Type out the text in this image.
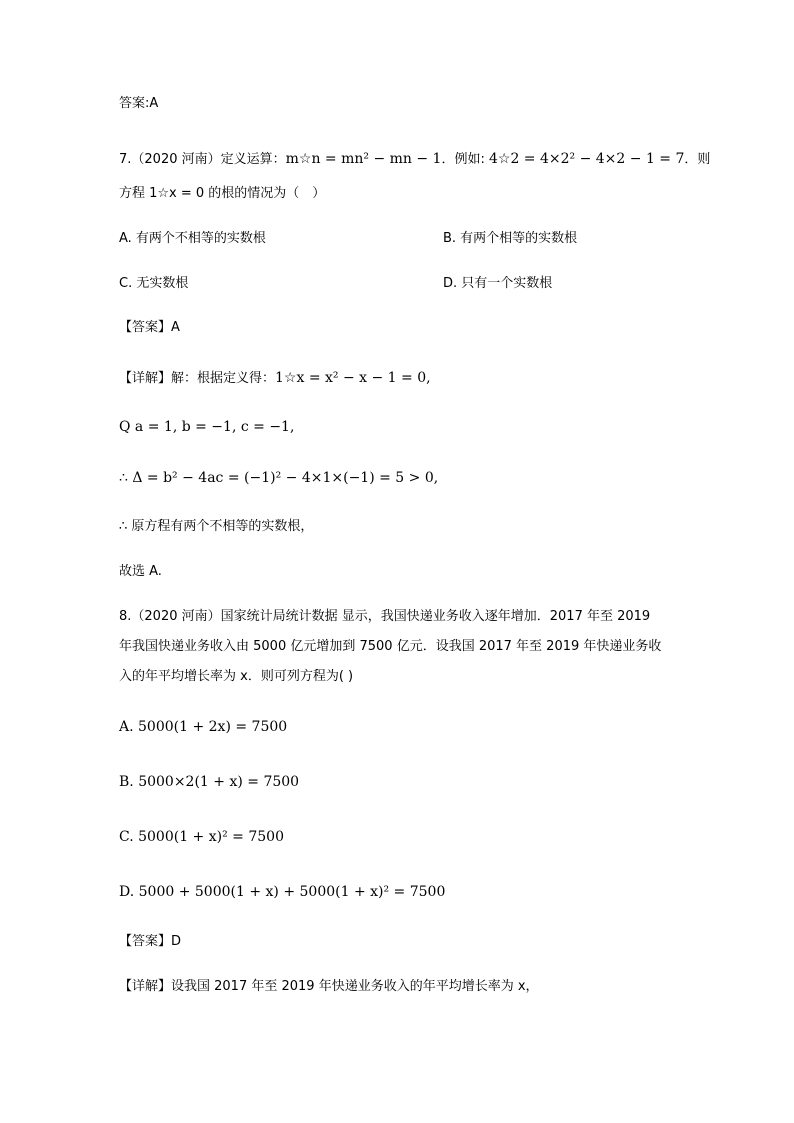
答案:A
7.（2020 河南）定义运算：m☆n = mn² − mn − 1．例如: 4☆2 = 4×2² − 4×2 − 1 = 7．则
方程 1☆x = 0 的根的情况为（　）
A. 有两个不相等的实数根	B. 有两个相等的实数根
C. 无实数根	D. 只有一个实数根
【答案】A
【详解】解：根据定义得：1☆x = x² − x − 1 = 0,
Q a = 1, b = −1, c = −1,
∴ Δ = b² − 4ac = (−1)² − 4×1×(−1) = 5 > 0,
∴ 原方程有两个不相等的实数根，
故选 A.
8.（2020 河南）国家统计局统计数据 显示，我国快递业务收入逐年增加．2017 年至 2019
年我国快递业务收入由 5000 亿元增加到 7500 亿元．设我国 2017 年至 2019 年快递业务收
入的年平均增长率为 x．则可列方程为( )
A. 5000(1 + 2x) = 7500
B. 5000×2(1 + x) = 7500
C. 5000(1 + x)² = 7500
D. 5000 + 5000(1 + x) + 5000(1 + x)² = 7500
【答案】D
【详解】设我国 2017 年至 2019 年快递业务收入的年平均增长率为 x，
